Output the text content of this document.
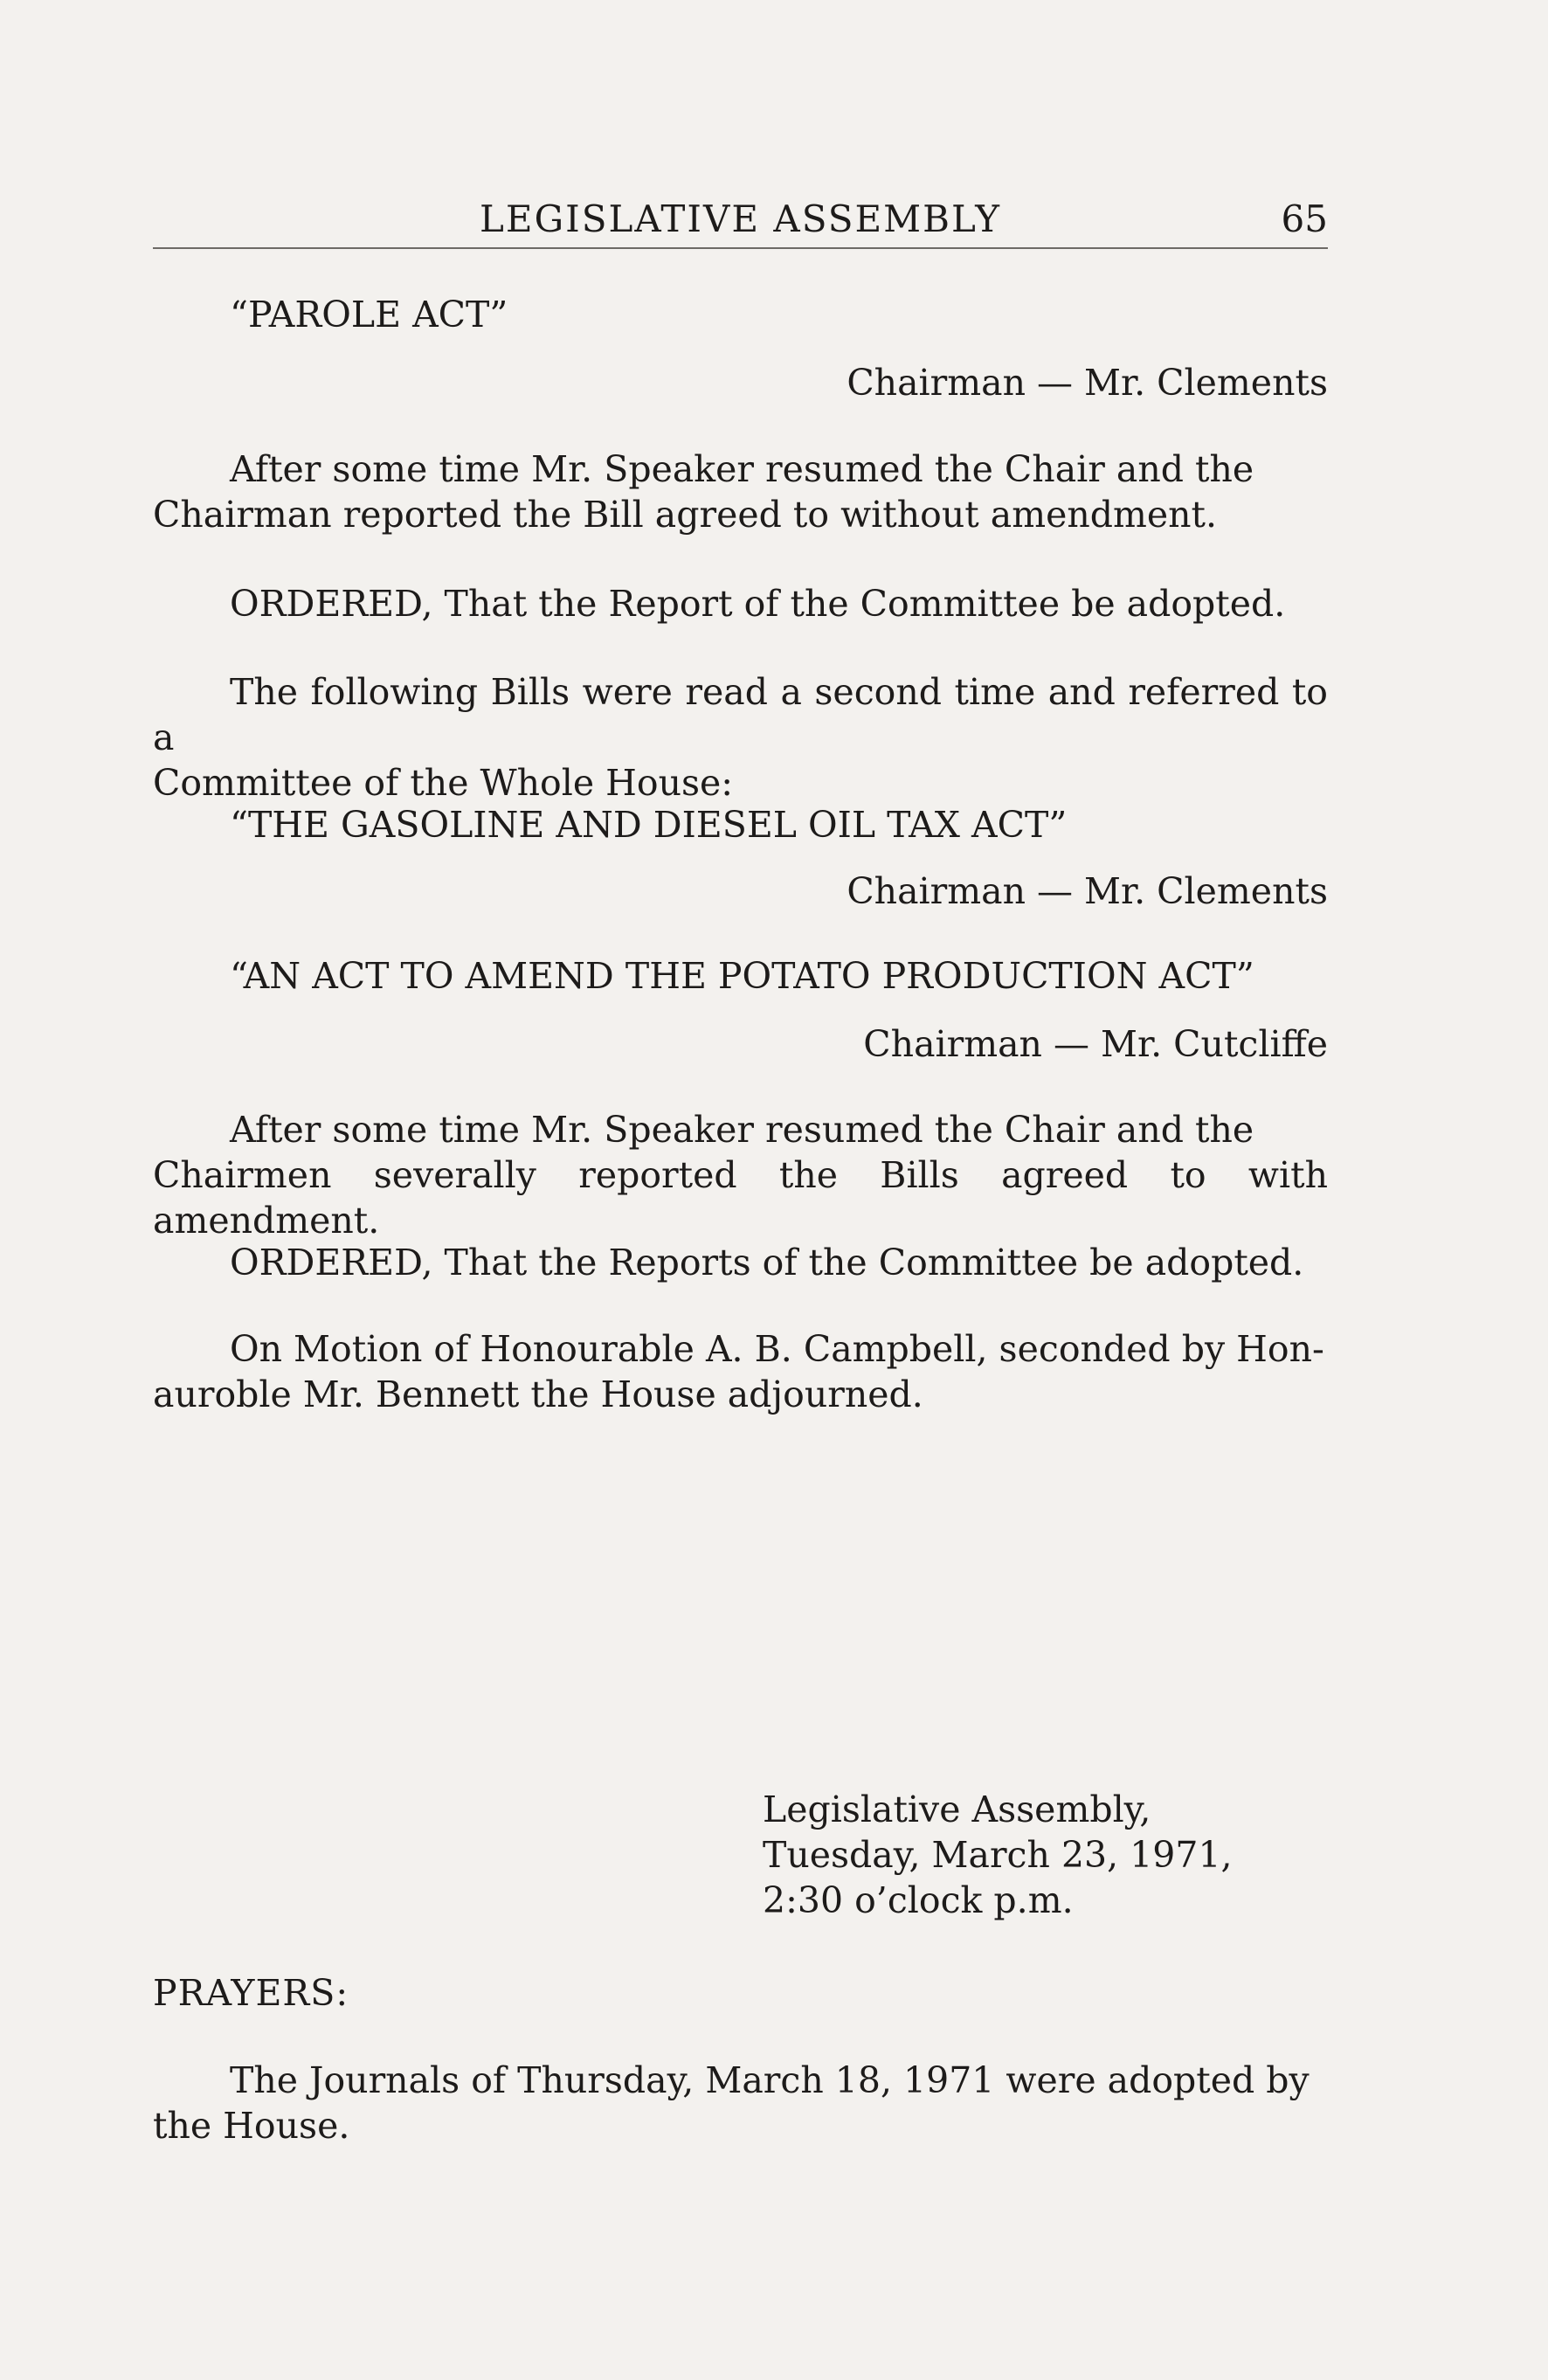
LEGISLATIVE ASSEMBLY	65
“PAROLE ACT”
Chairman — Mr. Clements
After some time Mr. Speaker resumed the Chair and the
Chairman reported the Bill agreed to without amendment.
ORDERED, That the Report of the Committee be adopted.
The following Bills were read a second time and referred to a
Committee of the Whole House:
“THE GASOLINE AND DIESEL OIL TAX ACT”
Chairman — Mr. Clements
“AN ACT TO AMEND THE POTATO PRODUCTION ACT”
Chairman — Mr. Cutcliffe
After some time Mr. Speaker resumed the Chair and the
Chairmen severally reported the Bills agreed to with amendment.
ORDERED, That the Reports of the Committee be adopted.
On Motion of Honourable A. B. Campbell, seconded by Hon-
auroble Mr. Bennett the House adjourned.
Legislative Assembly,
Tuesday, March 23, 1971,
2:30 o’clock p.m.
PRAYERS:
The Journals of Thursday, March 18, 1971 were adopted by
the House.
